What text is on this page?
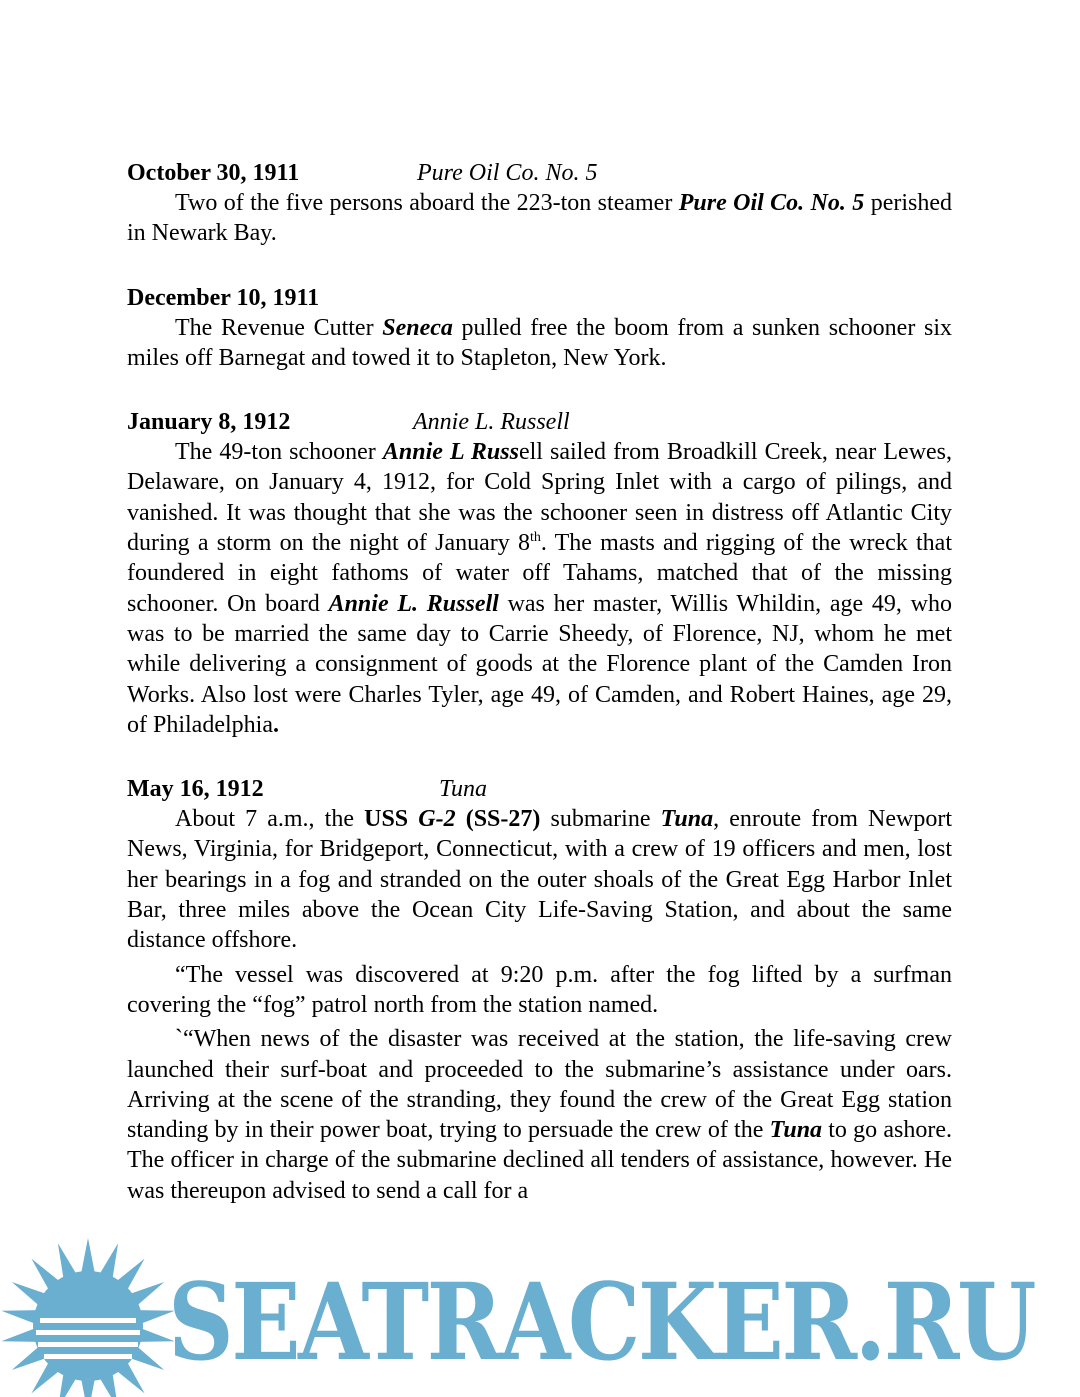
October 30, 1911	Pure Oil Co. No. 5

Two of the five persons aboard the 223-ton steamer Pure Oil Co. No. 5 perished in Newark Bay.

December 10, 1911

The Revenue Cutter Seneca pulled free the boom from a sunken schooner six miles off Barnegat and towed it to Stapleton, New York.

January 8, 1912	Annie L. Russell

The 49-ton schooner Annie L Russell sailed from Broadkill Creek, near Lewes, Delaware, on January 4, 1912, for Cold Spring Inlet with a cargo of pilings, and vanished. It was thought that she was the schooner seen in distress off Atlantic City during a storm on the night of January 8th. The masts and rigging of the wreck that foundered in eight fathoms of water off Tahams, matched that of the missing schooner. On board Annie L. Russell was her master, Willis Whildin, age 49, who was to be married the same day to Carrie Sheedy, of Florence, NJ, whom he met while delivering a consignment of goods at the Florence plant of the Camden Iron Works. Also lost were Charles Tyler, age 49, of Camden, and Robert Haines, age 29, of Philadelphia.

May 16, 1912	Tuna

About 7 a.m., the USS G-2 (SS-27) submarine Tuna, enroute from Newport News, Virginia, for Bridgeport, Connecticut, with a crew of 19 officers and men, lost her bearings in a fog and stranded on the outer shoals of the Great Egg Harbor Inlet Bar, three miles above the Ocean City Life-Saving Station, and about the same distance offshore.

“The vessel was discovered at 9:20 p.m. after the fog lifted by a surfman covering the “fog” patrol north from the station named.

`“When news of the disaster was received at the station, the life-saving crew launched their surf-boat and proceeded to the submarine’s assistance under oars. Arriving at the scene of the stranding, they found the crew of the Great Egg station standing by in their power boat, trying to persuade the crew of the Tuna to go ashore. The officer in charge of the submarine declined all tenders of assistance, however. He was thereupon advised to send a call for a

SEATRACKER.RU
